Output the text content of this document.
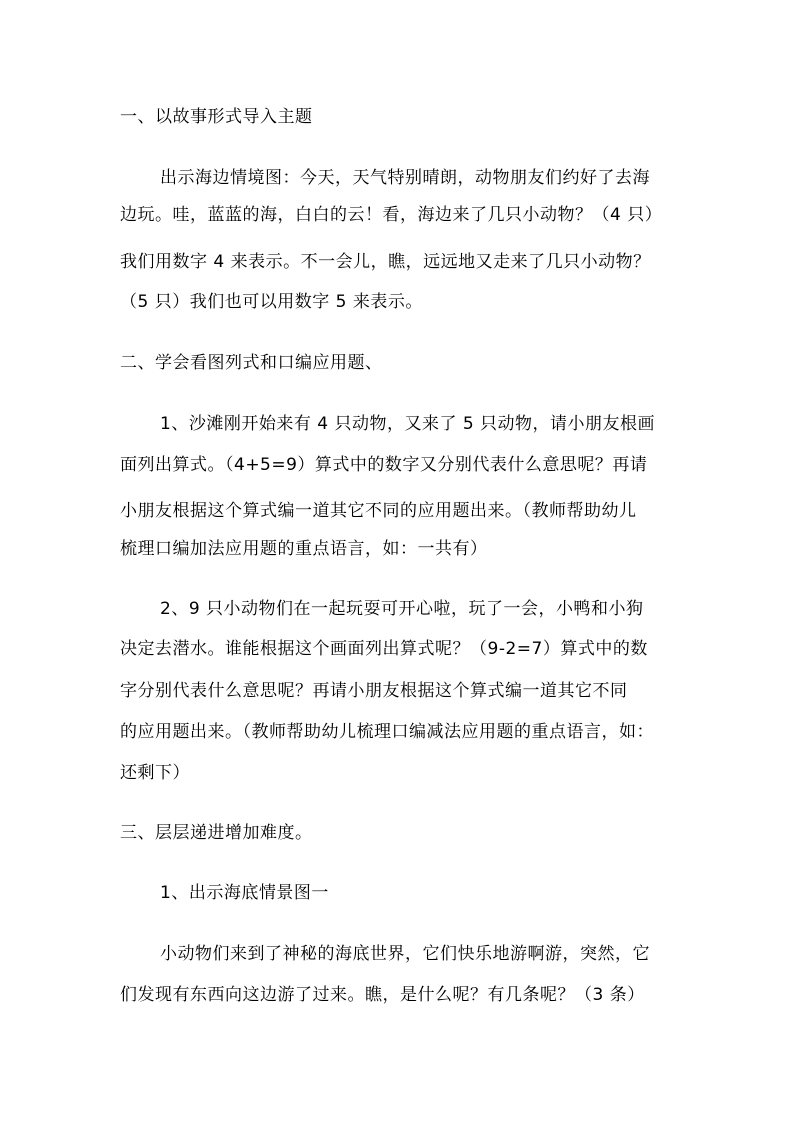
一、以故事形式导入主题
出示海边情境图：今天，天气特别晴朗，动物朋友们约好了去海
边玩。哇，蓝蓝的海，白白的云！看，海边来了几只小动物？（4 只）
我们用数字 4 来表示。不一会儿，瞧，远远地又走来了几只小动物？
（5 只）我们也可以用数字 5 来表示。
二、学会看图列式和口编应用题、
1、沙滩刚开始来有 4 只动物，又来了 5 只动物，请小朋友根画
面列出算式。（4+5=9）算式中的数字又分别代表什么意思呢？再请
小朋友根据这个算式编一道其它不同的应用题出来。（教师帮助幼儿
梳理口编加法应用题的重点语言，如：一共有）
2、9 只小动物们在一起玩耍可开心啦，玩了一会，小鸭和小狗
决定去潜水。谁能根据这个画面列出算式呢？（9-2=7）算式中的数
字分别代表什么意思呢？再请小朋友根据这个算式编一道其它不同
的应用题出来。（教师帮助幼儿梳理口编减法应用题的重点语言，如：
还剩下）
三、层层递进增加难度。
1、出示海底情景图一
小动物们来到了神秘的海底世界，它们快乐地游啊游，突然，它
们发现有东西向这边游了过来。瞧，是什么呢？有几条呢？（3 条）
